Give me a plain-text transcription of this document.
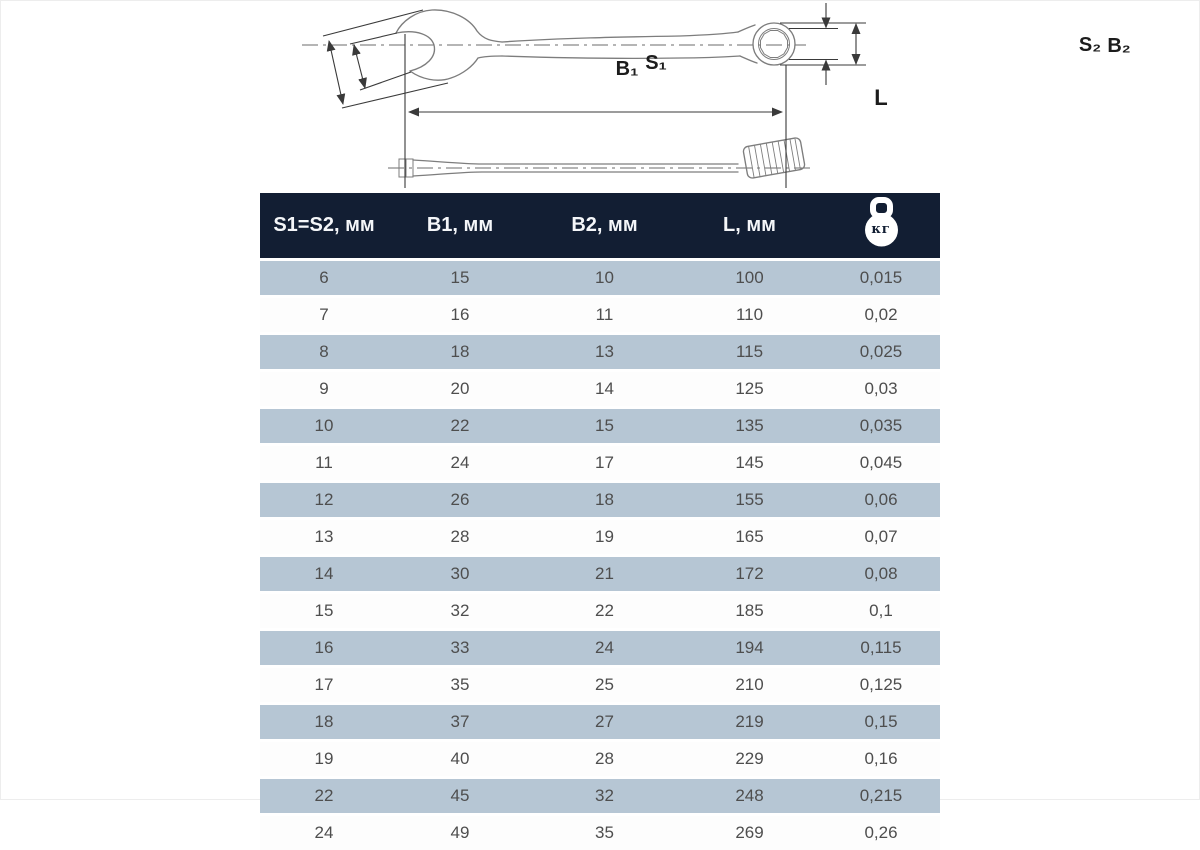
B₁ S₁
L
S₂ B₂
S1=S2, мм	B1, мм	B2, мм	L, мм	кг

6	15	10	100	0,015
7	16	11	110	0,02
8	18	13	115	0,025
9	20	14	125	0,03
10	22	15	135	0,035
11	24	17	145	0,045
12	26	18	155	0,06
13	28	19	165	0,07
14	30	21	172	0,08
15	32	22	185	0,1
16	33	24	194	0,115
17	35	25	210	0,125
18	37	27	219	0,15
19	40	28	229	0,16
22	45	32	248	0,215
24	49	35	269	0,26
